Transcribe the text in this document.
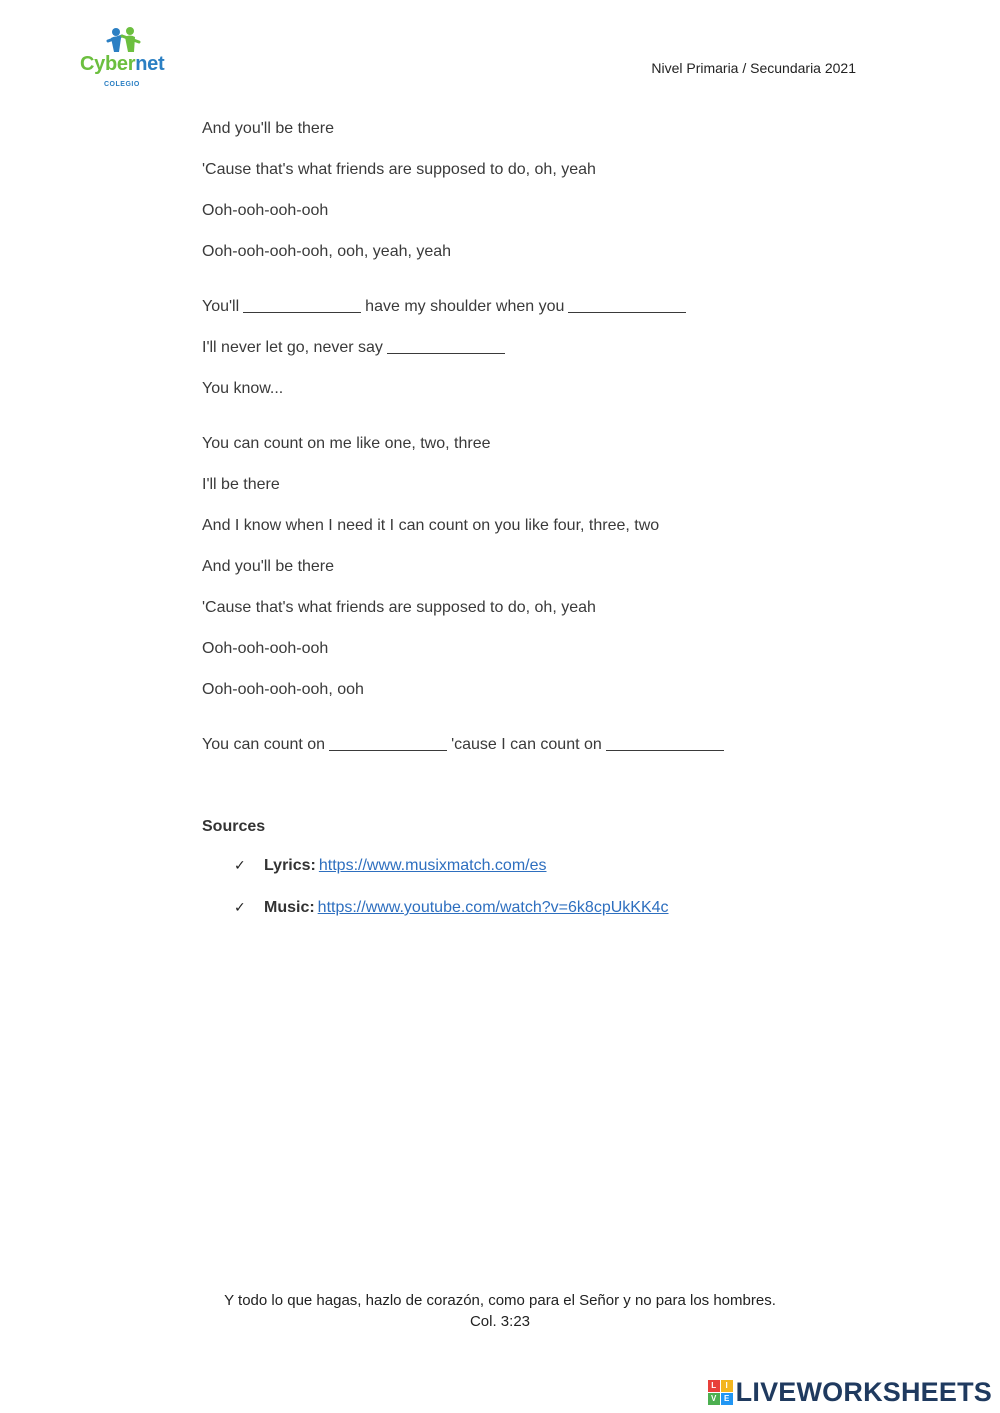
Cybernet
COLEGIO
Nivel Primaria / Secundaria 2021
And you'll be there
'Cause that's what friends are supposed to do, oh, yeah
Ooh-ooh-ooh-ooh
Ooh-ooh-ooh-ooh, ooh, yeah, yeah
You'll	have my shoulder when you
I'll never let go, never say
You know...
You can count on me like one, two, three
I'll be there
And I know when I need it I can count on you like four, three, two
And you'll be there
'Cause that's what friends are supposed to do, oh, yeah
Ooh-ooh-ooh-ooh
Ooh-ooh-ooh-ooh, ooh
You can count on	'cause I can count on
Sources
✓ Lyrics: https://www.musixmatch.com/es
✓ Music: https://www.youtube.com/watch?v=6k8cpUkKK4c
Y todo lo que hagas, hazlo de corazón, como para el Señor y no para los hombres.
Col. 3:23
L	I
V E LIVEWORKSHEETS
